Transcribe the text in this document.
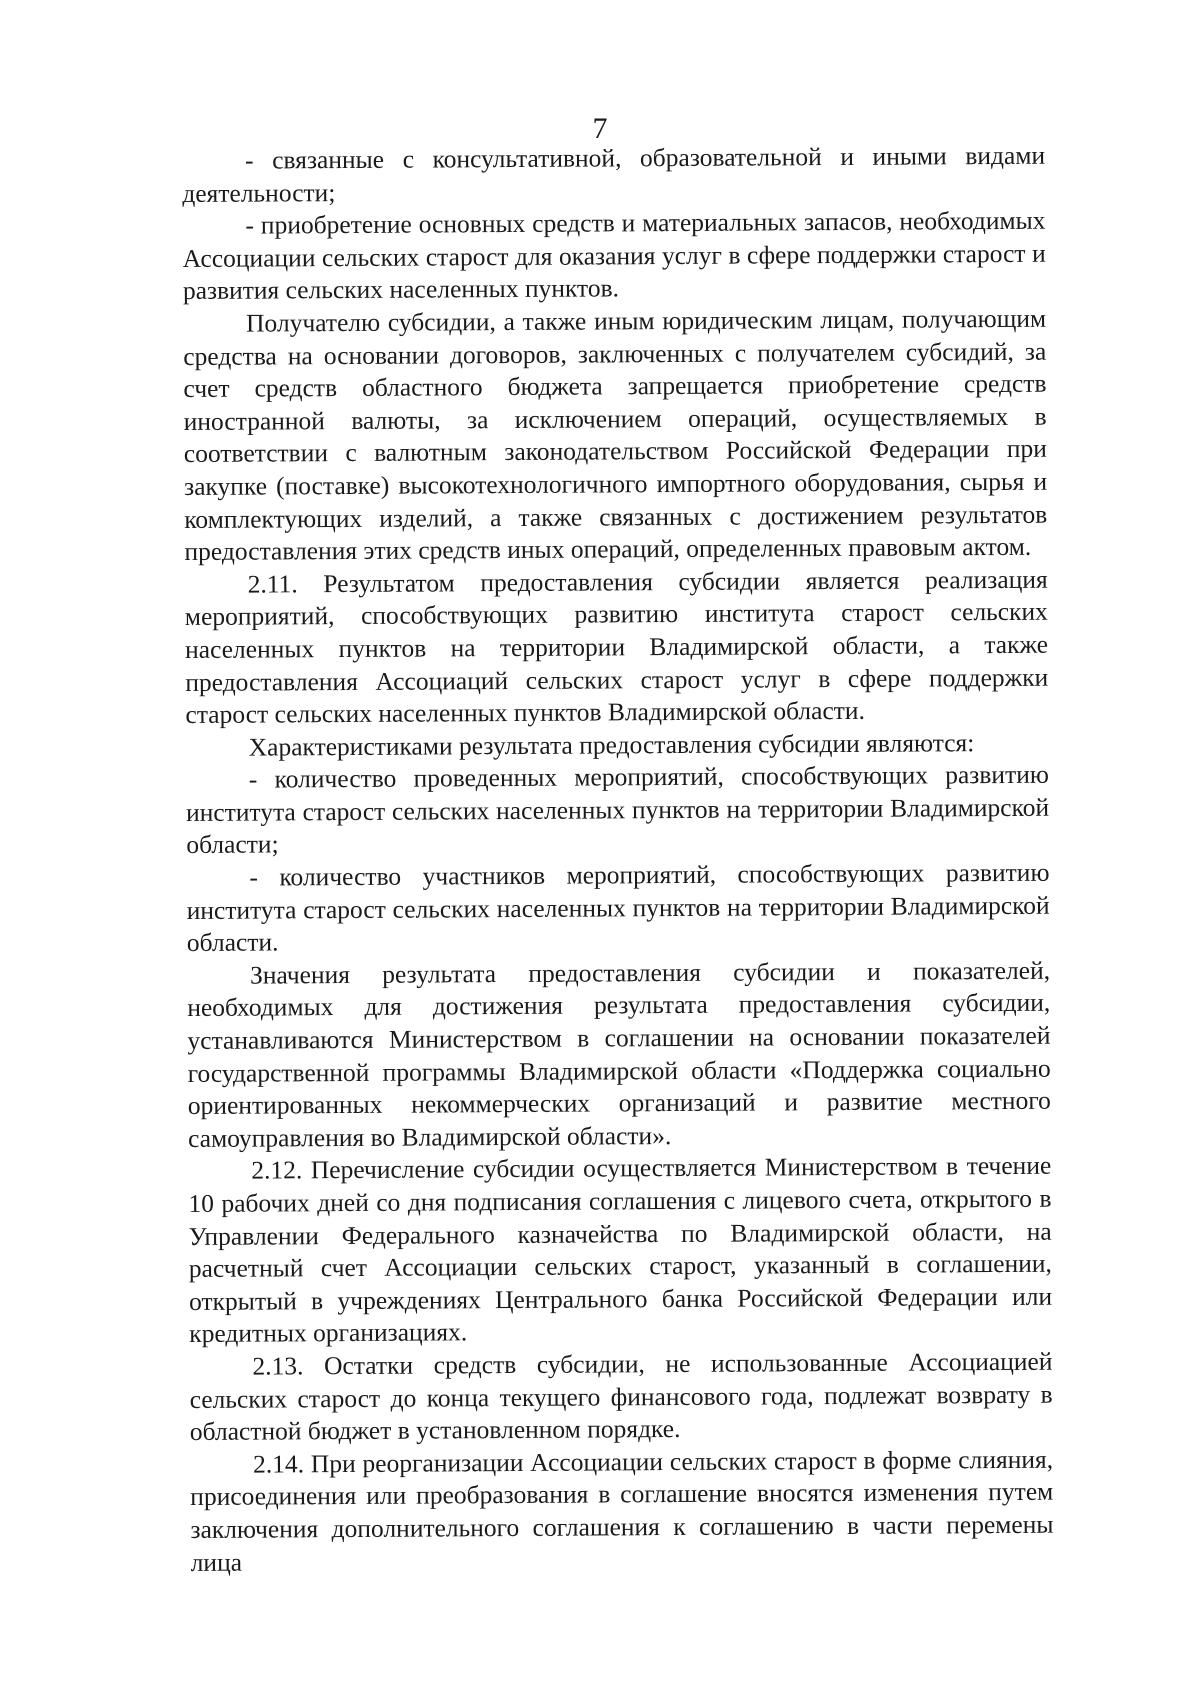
7

- связанные с консультативной, образовательной и иными видами деятельности;

- приобретение основных средств и материальных запасов, необходимых Ассоциации сельских старост для оказания услуг в сфере поддержки старост и развития сельских населенных пунктов.

Получателю субсидии, а также иным юридическим лицам, получающим средства на основании договоров, заключенных с получателем субсидий, за счет средств областного бюджета запрещается приобретение средств иностранной валюты, за исключением операций, осуществляемых в соответствии с валютным законодательством Российской Федерации при закупке (поставке) высокотехнологичного импортного оборудования, сырья и комплектующих изделий, а также связанных с достижением результатов предоставления этих средств иных операций, определенных правовым актом.

2.11. Результатом предоставления субсидии является реализация мероприятий, способствующих развитию института старост сельских населенных пунктов на территории Владимирской области, а также предоставления Ассоциаций сельских старост услуг в сфере поддержки старост сельских населенных пунктов Владимирской области.

Характеристиками результата предоставления субсидии являются:

- количество проведенных мероприятий, способствующих развитию института старост сельских населенных пунктов на территории Владимирской области;

- количество участников мероприятий, способствующих развитию института старост сельских населенных пунктов на территории Владимирской области.

Значения результата предоставления субсидии и показателей, необходимых для достижения результата предоставления субсидии, устанавливаются Министерством в соглашении на основании показателей государственной программы Владимирской области «Поддержка социально ориентированных некоммерческих организаций и развитие местного самоуправления во Владимирской области».

2.12. Перечисление субсидии осуществляется Министерством в течение 10 рабочих дней со дня подписания соглашения с лицевого счета, открытого в Управлении Федерального казначейства по Владимирской области, на расчетный счет Ассоциации сельских старост, указанный в соглашении, открытый в учреждениях Центрального банка Российской Федерации или кредитных организациях.

2.13. Остатки средств субсидии, не использованные Ассоциацией сельских старост до конца текущего финансового года, подлежат возврату в областной бюджет в установленном порядке.

2.14. При реорганизации Ассоциации сельских старост в форме слияния, присоединения или преобразования в соглашение вносятся изменения путем заключения дополнительного соглашения к соглашению в части перемены лица
